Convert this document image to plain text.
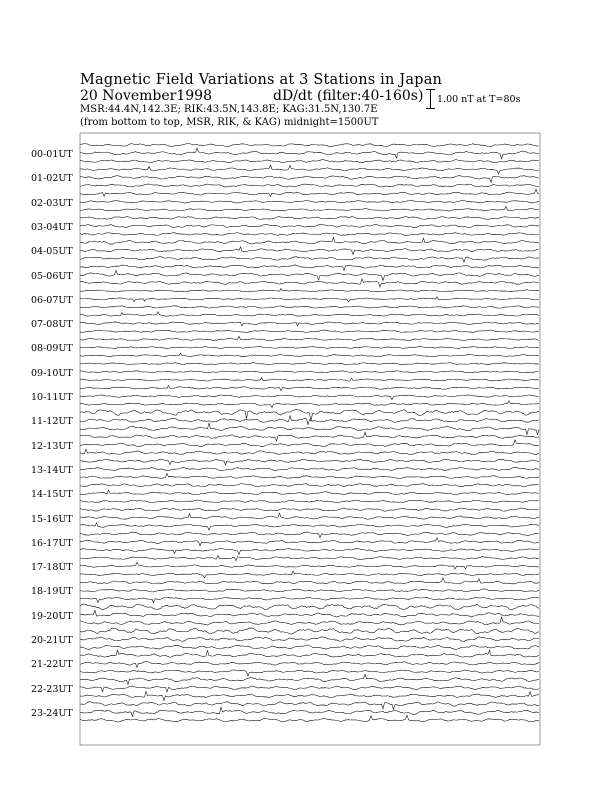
Magnetic Field Variations at 3 Stations in Japan
20 November1998	dD/dt (filter:40-160s)
MSR:44.4N,142.3E; RIK:43.5N,143.8E; KAG:31.5N,130.7E
(from bottom to top, MSR, RIK, & KAG) midnight=1500UT
1.00 nT at T=80s
00-01UT
01-02UT
02-03UT
03-04UT
04-05UT
05-06UT
06-07UT
07-08UT
08-09UT
09-10UT
10-11UT
11-12UT
12-13UT
13-14UT
14-15UT
15-16UT
16-17UT
17-18UT
18-19UT
19-20UT
20-21UT
21-22UT
22-23UT
23-24UT
